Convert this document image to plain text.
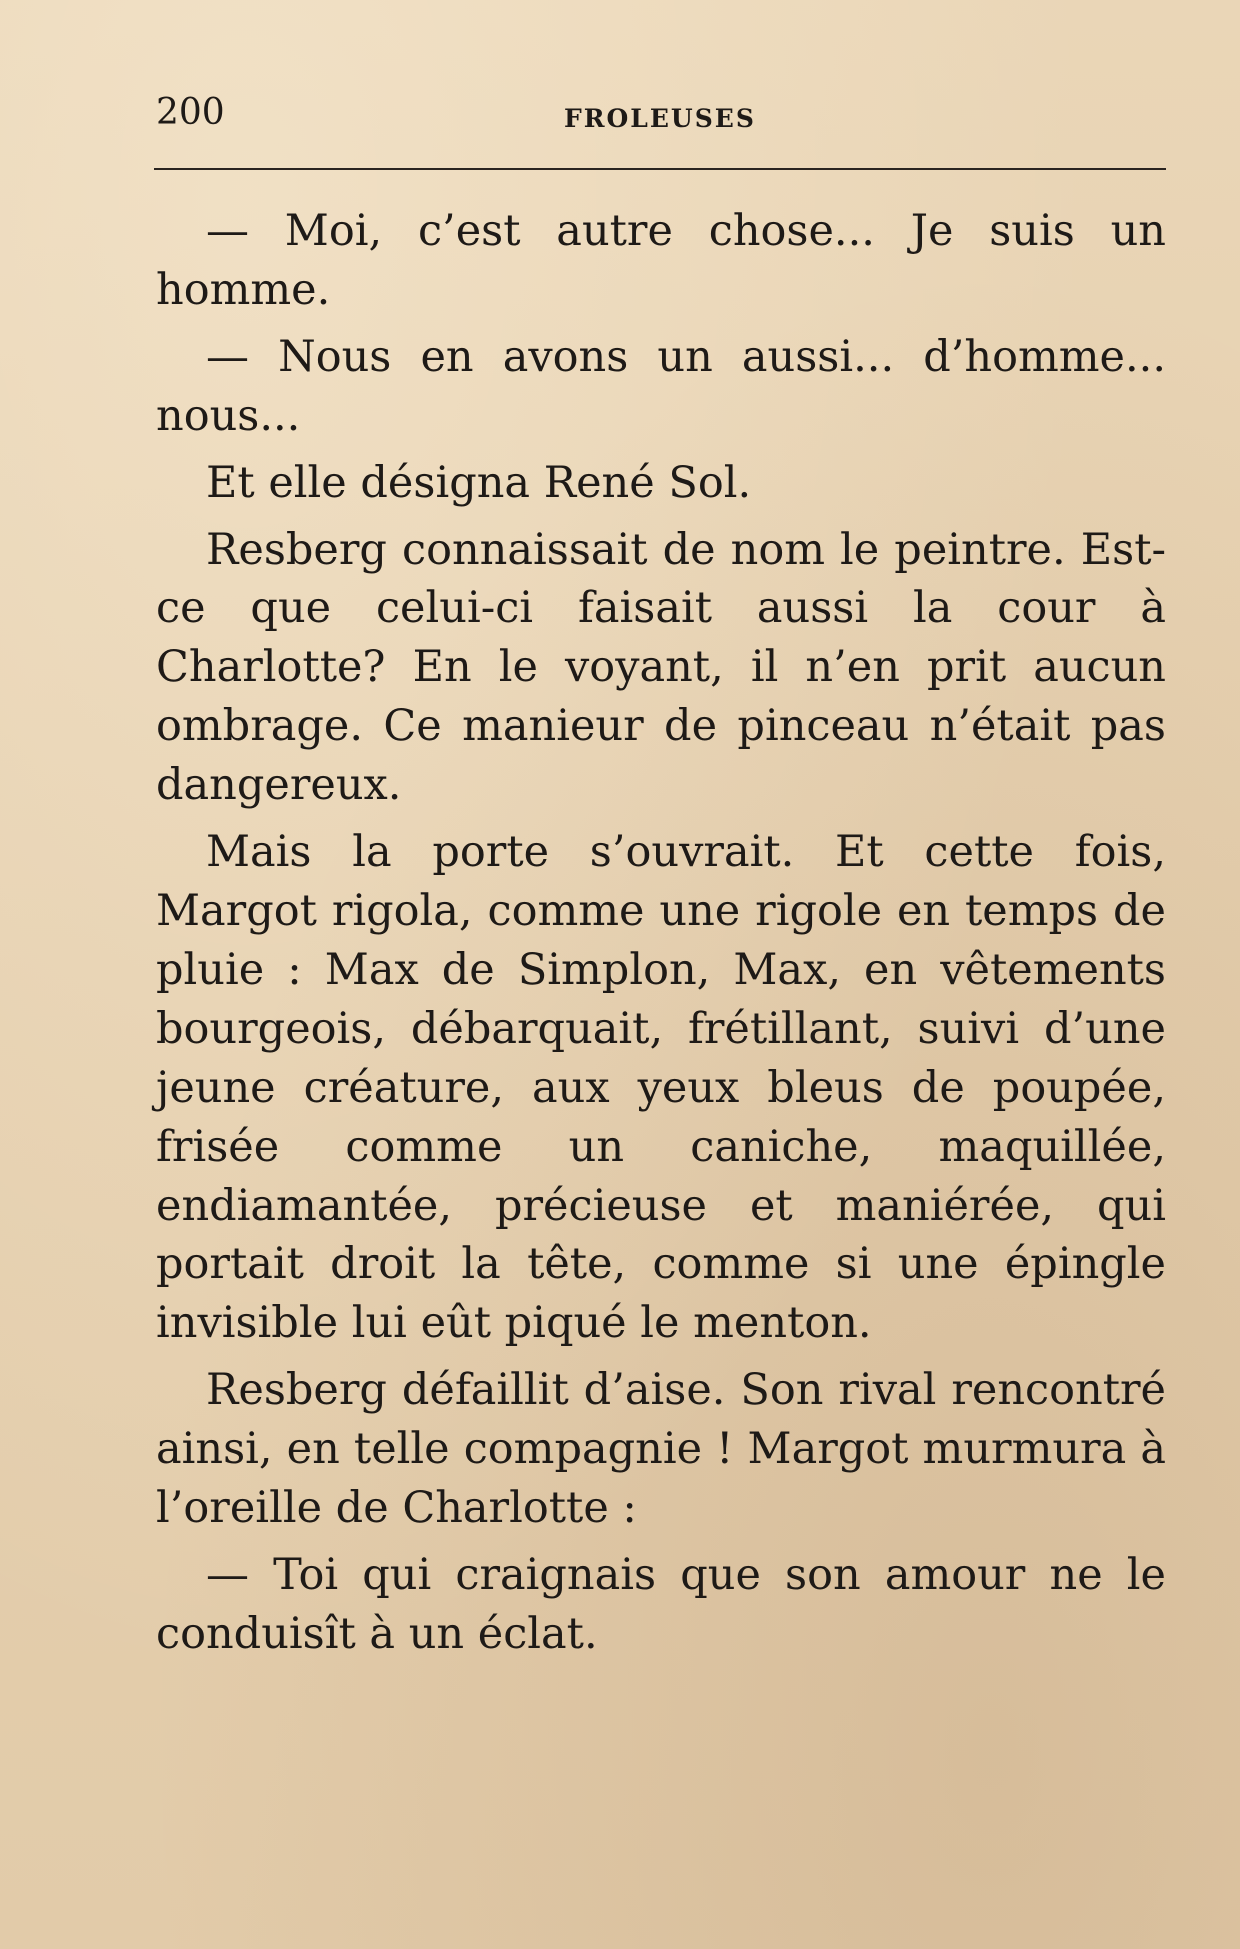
200	FROLEUSES

— Moi, c’est autre chose... Je suis un homme.

— Nous en avons un aussi... d’homme... nous...

Et elle désigna René Sol.

Resberg connaissait de nom le peintre. Est-ce que celui-ci faisait aussi la cour à Charlotte? En le voyant, il n’en prit aucun ombrage. Ce manieur de pinceau n’était pas dangereux.

Mais la porte s’ouvrait. Et cette fois, Margot rigola, comme une rigole en temps de pluie : Max de Simplon, Max, en vêtements bourgeois, débarquait, frétillant, suivi d’une jeune créature, aux yeux bleus de poupée, frisée comme un caniche, maquillée, endiamantée, précieuse et maniérée, qui portait droit la tête, comme si une épingle invisible lui eût piqué le menton.

Resberg défaillit d’aise. Son rival rencontré ainsi, en telle compagnie ! Margot murmura à l’oreille de Charlotte :

— Toi qui craignais que son amour ne le conduisît à un éclat.
